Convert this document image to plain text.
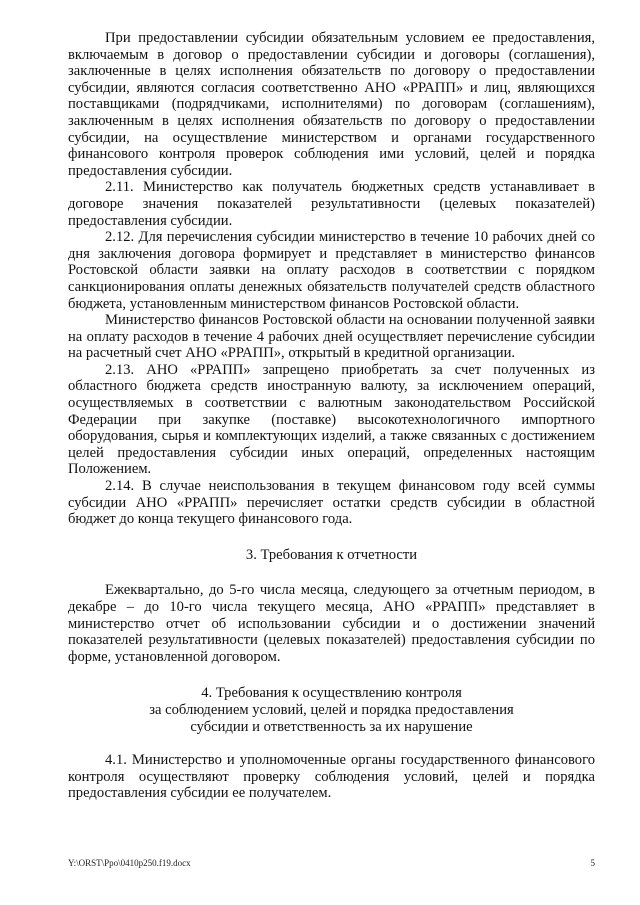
При предоставлении субсидии обязательным условием ее предоставления, включаемым в договор о предоставлении субсидии и договоры (соглашения), заключенные в целях исполнения обязательств по договору о предоставлении субсидии, являются согласия соответственно АНО «РРАПП» и лиц, являющихся поставщиками (подрядчиками, исполнителями) по договорам (соглашениям), заключенным в целях исполнения обязательств по договору о предоставлении субсидии, на осуществление министерством и органами государственного финансового контроля проверок соблюдения ими условий, целей и порядка предоставления субсидии.

2.11. Министерство как получатель бюджетных средств устанавливает в договоре значения показателей результативности (целевых показателей) предоставления субсидии.

2.12. Для перечисления субсидии министерство в течение 10 рабочих дней со дня заключения договора формирует и представляет в министерство финансов Ростовской области заявки на оплату расходов в соответствии с порядком санкционирования оплаты денежных обязательств получателей средств областного бюджета, установленным министерством финансов Ростовской области.

Министерство финансов Ростовской области на основании полученной заявки на оплату расходов в течение 4 рабочих дней осуществляет перечисление субсидии на расчетный счет АНО «РРАПП», открытый в кредитной организации.

2.13. АНО «РРАПП» запрещено приобретать за счет полученных из областного бюджета средств иностранную валюту, за исключением операций, осуществляемых в соответствии с валютным законодательством Российской Федерации при закупке (поставке) высокотехнологичного импортного оборудования, сырья и комплектующих изделий, а также связанных с достижением целей предоставления субсидии иных операций, определенных настоящим Положением.

2.14. В случае неиспользования в текущем финансовом году всей суммы субсидии АНО «РРАПП» перечисляет остатки средств субсидии в областной бюджет до конца текущего финансового года.

3. Требования к отчетности

Ежеквартально, до 5-го числа месяца, следующего за отчетным периодом, в декабре – до 10-го числа текущего месяца, АНО «РРАПП» представляет в министерство отчет об использовании субсидии и о достижении значений показателей результативности (целевых показателей) предоставления субсидии по форме, установленной договором.

4. Требования к осуществлению контроля
за соблюдением условий, целей и порядка предоставления
субсидии и ответственность за их нарушение

4.1. Министерство и уполномоченные органы государственного финансового контроля осуществляют проверку соблюдения условий, целей и порядка предоставления субсидии ее получателем.

Y:\ORST\Ppo\0410p250.f19.docx	5
